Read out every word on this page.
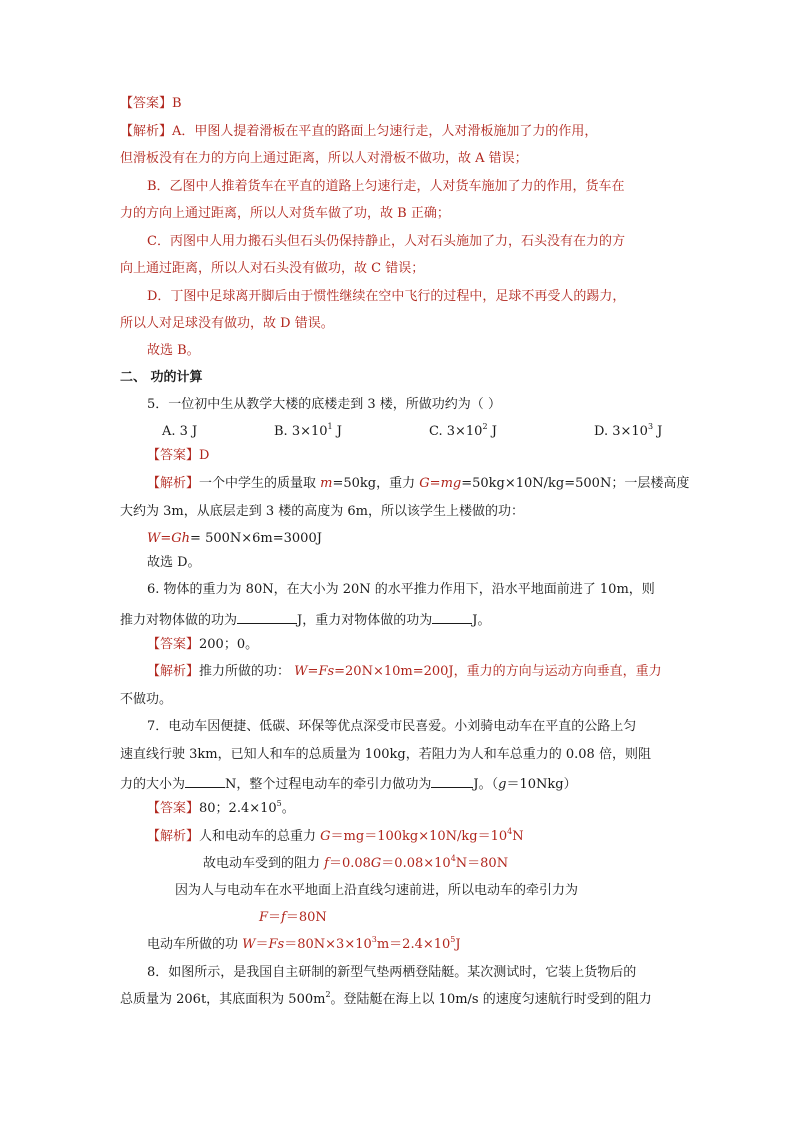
【答案】B
【解析】A．甲图人提着滑板在平直的路面上匀速行走，人对滑板施加了力的作用，
但滑板没有在力的方向上通过距离，所以人对滑板不做功，故 A 错误；
B．乙图中人推着货车在平直的道路上匀速行走，人对货车施加了力的作用，货车在
力的方向上通过距离，所以人对货车做了功，故 B 正确；
C．丙图中人用力搬石头但石头仍保持静止，人对石头施加了力，石头没有在力的方
向上通过距离，所以人对石头没有做功，故 C 错误；
D．丁图中足球离开脚后由于惯性继续在空中飞行的过程中，足球不再受人的踢力，
所以人对足球没有做功，故 D 错误。
故选 B。
二、 功的计算
5．一位初中生从教学大楼的底楼走到 3 楼，所做功约为（ ）
A. 3 J	B. $3\times 10^1$ J	C. $3\times 10^2$ J	D. $3\times 10^3$ J
【答案】D
【解析】一个中学生的质量取 m=50kg，重力 G=mg=50kg×10N/kg=500N；一层楼高度
大约为 3m，从底层走到 3 楼的高度为 6m，所以该学生上楼做的功：
W=Gh= 500N×6m=3000J
故选 D。
6. 物体的重力为 80N，在大小为 20N 的水平推力作用下，沿水平地面前进了 10m，则
推力对物体做的功为	J，重力对物体做的功为	J。
【答案】200；0。
【解析】推力所做的功： W=Fs=20N×10m=200J，重力的方向与运动方向垂直，重力
不做功。
7．电动车因便捷、低碳、环保等优点深受市民喜爱。小刘骑电动车在平直的公路上匀
速直线行驶 3km，已知人和车的总质量为 100kg，若阻力为人和车总重力的 0.08 倍，则阻
力的大小为	N，整个过程电动车的牵引力做功为	J。（g＝10Nkg）
【答案】80；$2.4\times 10^5$。
【解析】人和电动车的总重力 $G=mg=100kg\times 10N/kg=10^4N$
故电动车受到的阻力 $f=0.08G=0.08\times 10^4N=80N$
因为人与电动车在水平地面上沿直线匀速前进，所以电动车的牵引力为
F＝f＝80N
电动车所做的功 $W=Fs=80N\times 3\times 10^3m=2.4\times 10^5J$
8．如图所示，是我国自主研制的新型气垫两栖登陆艇。某次测试时，它装上货物后的
总质量为 206t，其底面积为 $500m^2$。登陆艇在海上以 10m/s 的速度匀速航行时受到的阻力
